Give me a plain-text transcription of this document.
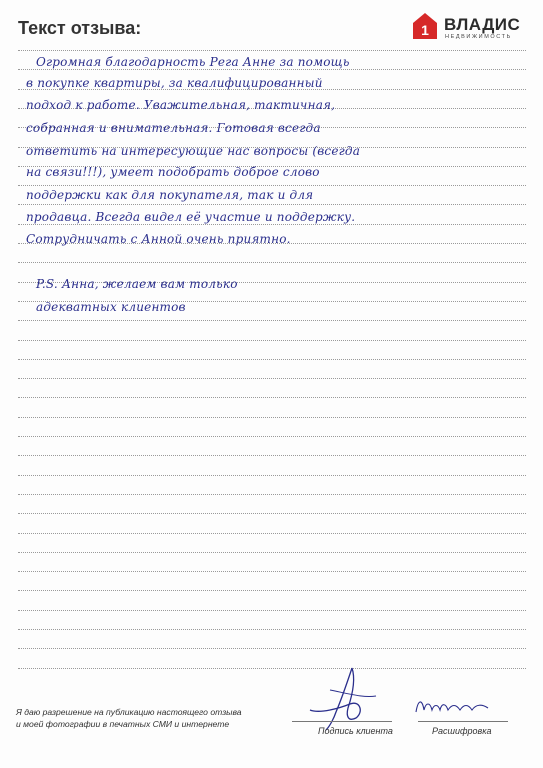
Текст отзыва:	1 ВЛАДИС
НЕДВИЖИМОСТЬ
Огромная благодарность Рега Анне за помощь
в покупке квартиры, за квалифицированный
подход к работе. Уважительная, тактичная,
собранная и внимательная. Готовая всегда
ответить на интересующие нас вопросы (всегда
на связи!!!), умеет подобрать доброе слово
поддержки как для покупателя, так и для
продавца. Всегда видел её участие и поддержку.
Сотрудничать с Анной очень приятно.
P.S. Анна, желаем вам только
адекватных клиентов
Я даю разрешение на публикацию настоящего отзыва
и моей фотографии в печатных СМИ и интернете
Подпись клиента	Расшифровка
